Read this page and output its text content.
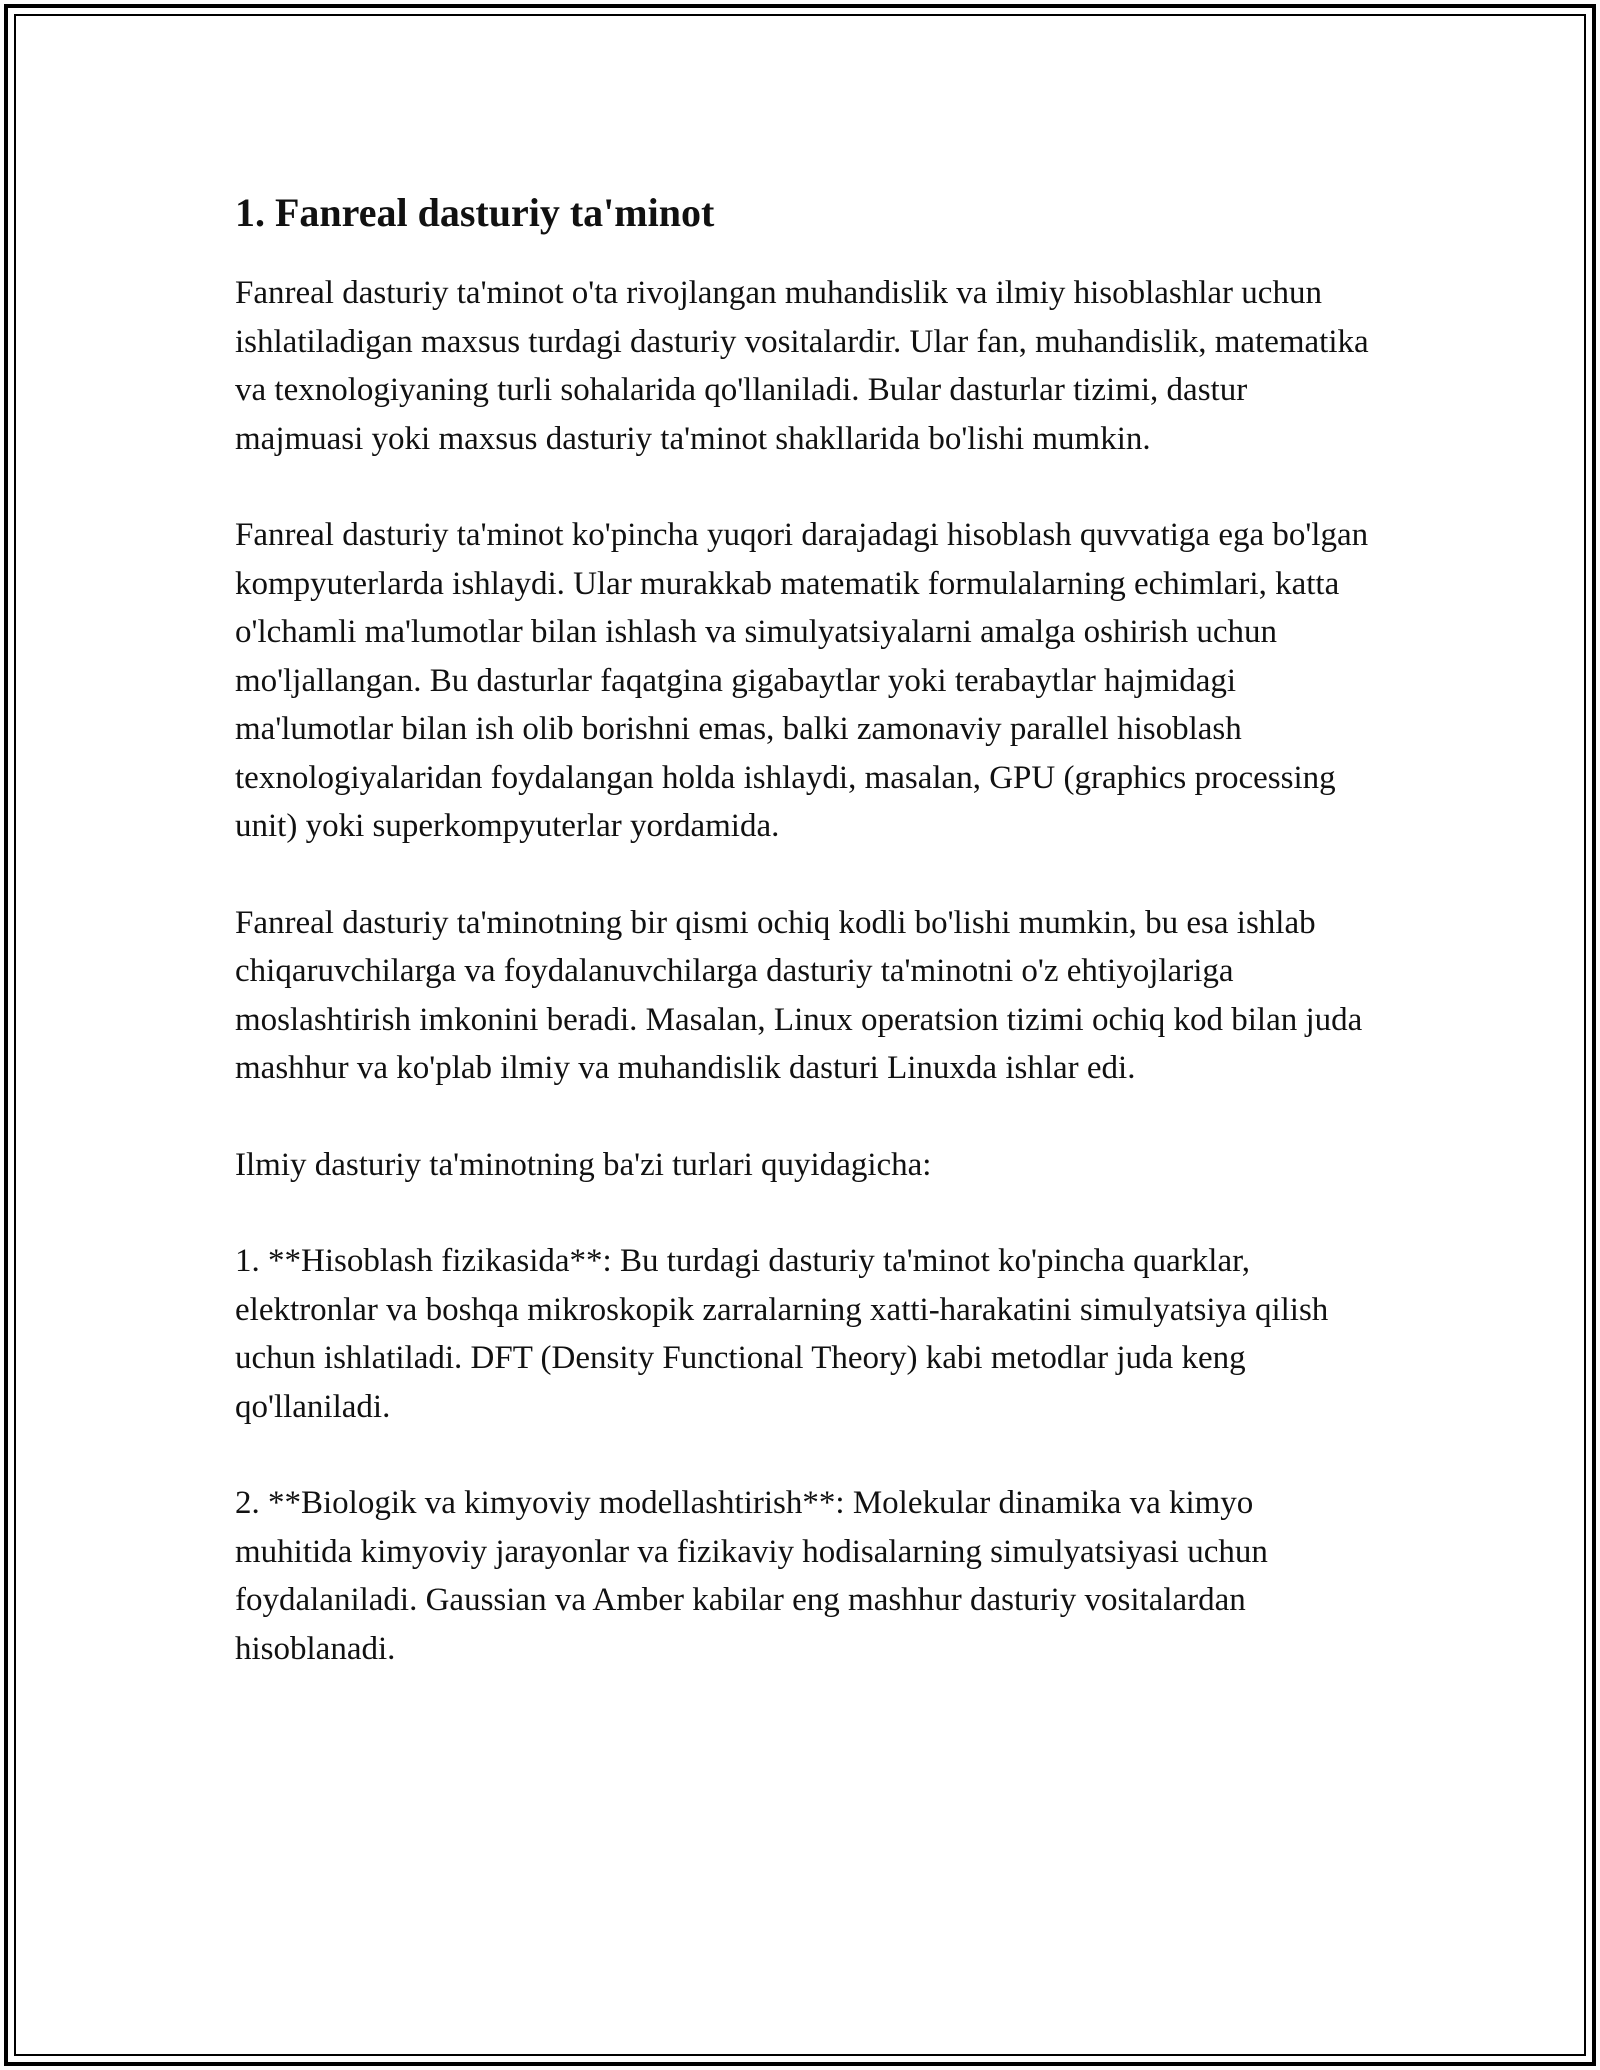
1. Fanreal dasturiy ta'minot

Fanreal dasturiy ta'minot o'ta rivojlangan muhandislik va ilmiy hisoblashlar uchun ishlatiladigan maxsus turdagi dasturiy vositalardir. Ular fan, muhandislik, matematika va texnologiyaning turli sohalarida qo'llaniladi. Bular dasturlar tizimi, dastur majmuasi yoki maxsus dasturiy ta'minot shakllarida bo'lishi mumkin.

Fanreal dasturiy ta'minot ko'pincha yuqori darajadagi hisoblash quvvatiga ega bo'lgan kompyuterlarda ishlaydi. Ular murakkab matematik formulalarning echimlari, katta o'lchamli ma'lumotlar bilan ishlash va simulyatsiyalarni amalga oshirish uchun mo'ljallangan. Bu dasturlar faqatgina gigabaytlar yoki terabaytlar hajmidagi ma'lumotlar bilan ish olib borishni emas, balki zamonaviy parallel hisoblash texnologiyalaridan foydalangan holda ishlaydi, masalan, GPU (graphics processing unit) yoki superkompyuterlar yordamida.

Fanreal dasturiy ta'minotning bir qismi ochiq kodli bo'lishi mumkin, bu esa ishlab chiqaruvchilarga va foydalanuvchilarga dasturiy ta'minotni o'z ehtiyojlariga moslashtirish imkonini beradi. Masalan, Linux operatsion tizimi ochiq kod bilan juda mashhur va ko'plab ilmiy va muhandislik dasturi Linuxda ishlar edi.

Ilmiy dasturiy ta'minotning ba'zi turlari quyidagicha:

1. **Hisoblash fizikasida**: Bu turdagi dasturiy ta'minot ko'pincha quarklar, elektronlar va boshqa mikroskopik zarralarning xatti-harakatini simulyatsiya qilish uchun ishlatiladi. DFT (Density Functional Theory) kabi metodlar juda keng qo'llaniladi.

2. **Biologik va kimyoviy modellashtirish**: Molekular dinamika va kimyo muhitida kimyoviy jarayonlar va fizikaviy hodisalarning simulyatsiyasi uchun foydalaniladi. Gaussian va Amber kabilar eng mashhur dasturiy vositalardan hisoblanadi.
